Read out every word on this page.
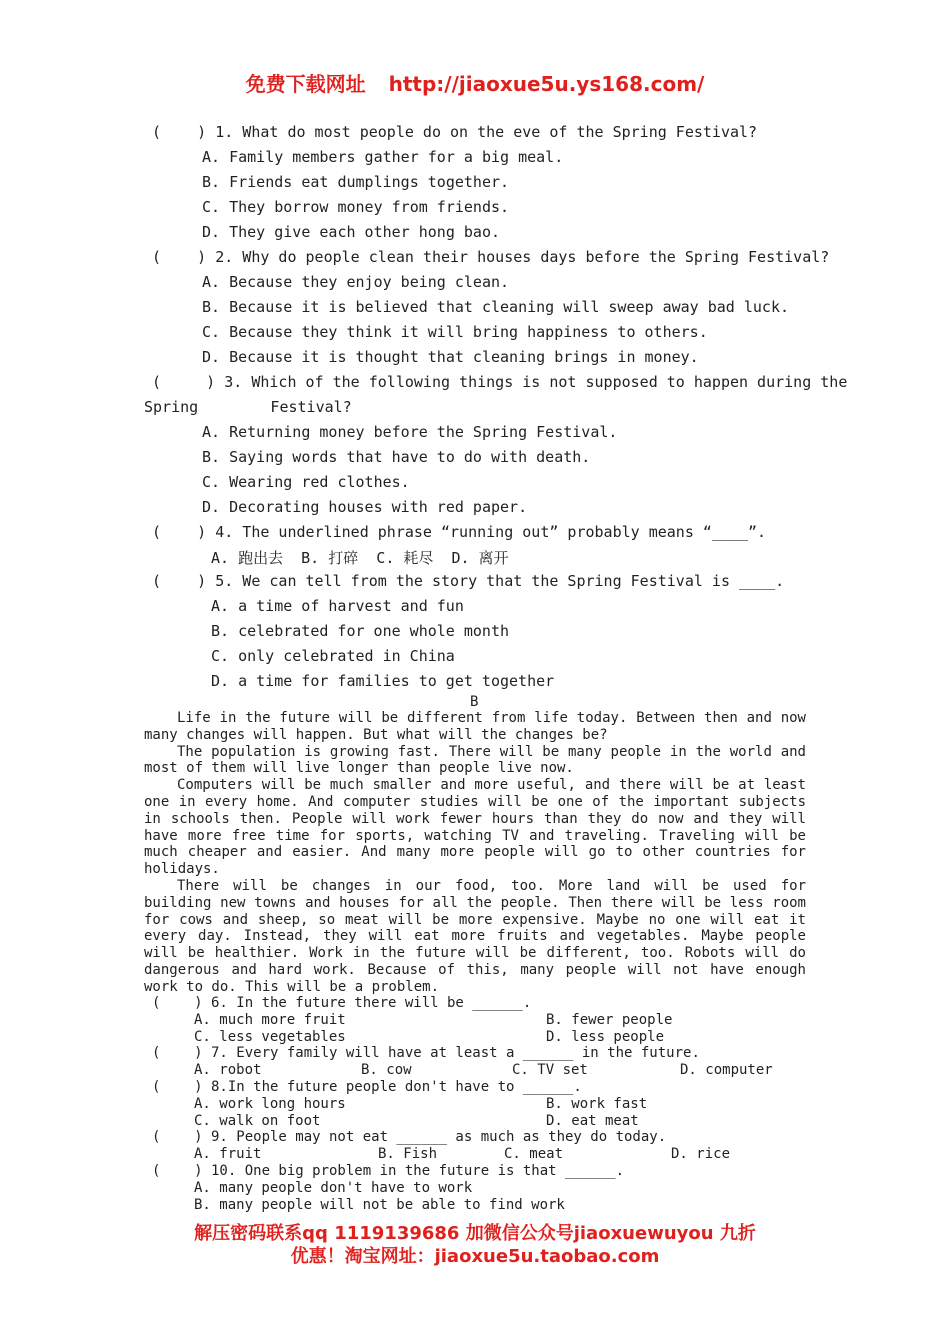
免费下载网址 http://jiaoxue5u.ys168.com/
(    ) 1. What do most people do on the eve of the Spring Festival?
A. Family members gather for a big meal.
B. Friends eat dumplings together.
C. They borrow money from friends.
D. They give each other hong bao.
(    ) 2. Why do people clean their houses days before the Spring Festival?
A. Because they enjoy being clean.
B. Because it is believed that cleaning will sweep away bad luck.
C. Because they think it will bring happiness to others.
D. Because it is thought that cleaning brings in money.
(     ) 3. Which of the following things is not supposed to happen during the
Spring        Festival?
A. Returning money before the Spring Festival.
B. Saying words that have to do with death.
C. Wearing red clothes.
D. Decorating houses with red paper.
(    ) 4. The underlined phrase “running out” probably means “____”.
A. 跑出去  B. 打碎  C. 耗尽  D. 离开
(    ) 5. We can tell from the story that the Spring Festival is ____.
A. a time of harvest and fun
B. celebrated for one whole month
C. only celebrated in China
D. a time for families to get together
B

Life in the future will be different from life today. Between then and now many changes will happen. But what will the changes be?

The population is growing fast. There will be many people in the world and most of them will live longer than people live now.

Computers will be much smaller and more useful, and there will be at least one in every home. And computer studies will be one of the important subjects in schools then. People will work fewer hours than they do now and they will have more free time for sports, watching TV and traveling. Traveling will be much cheaper and easier. And many more people will go to other countries for holidays.

There will be changes in our food, too. More land will be used for building new towns and houses for all the people. Then there will be less room for cows and sheep, so meat will be more expensive. Maybe no one will eat it every day. Instead, they will eat more fruits and vegetables. Maybe people will be healthier. Work in the future will be different, too. Robots will do dangerous and hard work. Because of this, many people will not have enough work to do. This will be a problem.

(    ) 6. In the future there will be ______.
A. much more fruit	B. fewer people
C. less vegetables	D. less people
(    ) 7. Every family will have at least a ______ in the future.
A. robot	B. cow	C. TV set	D. computer
(    ) 8.In the future people don't have to ______.
A. work long hours	B. work fast
C. walk on foot	D. eat meat
(    ) 9. People may not eat ______ as much as they do today.
A. fruit	B. Fish	C. meat	D. rice
(    ) 10. One big problem in the future is that ______.
A. many people don't have to work
B. many people will not be able to find work
解压密码联系qq 1119139686 加微信公众号jiaoxuewuyou 九折
优惠！淘宝网址：jiaoxue5u.taobao.com
